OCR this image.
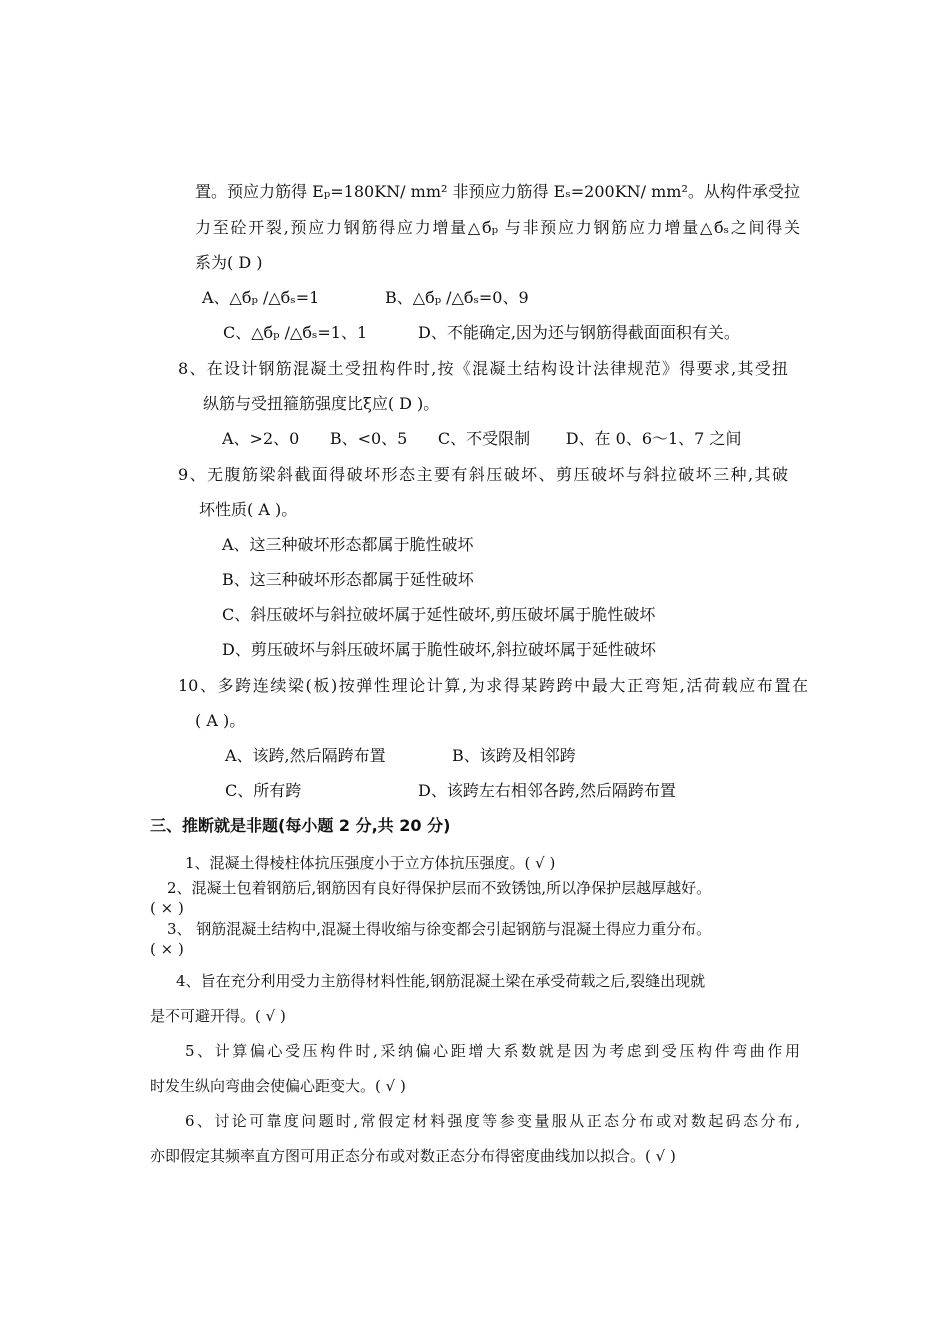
置。预应力筋得 Eₚ=180KN/ mm² 非预应力筋得 Eₛ=200KN/ mm²。从构件承受拉
力至砼开裂,预应力钢筋得应力增量△бₚ 与非预应力钢筋应力增量△бₛ之间得关
系为( D )
A、△бₚ /△бₛ=1	B、△бₚ /△бₛ=0、9
C、△бₚ /△бₛ=1、1	D、不能确定,因为还与钢筋得截面面积有关。
8、在设计钢筋混凝土受扭构件时,按《混凝土结构设计法律规范》得要求,其受扭
纵筋与受扭箍筋强度比ξ应( D )。
A、>2、0      B、<0、5      C、不受限制       D、在 0、6～1、7 之间
9、无腹筋梁斜截面得破坏形态主要有斜压破坏、剪压破坏与斜拉破坏三种,其破
坏性质( A )。
A、这三种破坏形态都属于脆性破坏
B、这三种破坏形态都属于延性破坏
C、斜压破坏与斜拉破坏属于延性破坏,剪压破坏属于脆性破坏
D、剪压破坏与斜压破坏属于脆性破坏,斜拉破坏属于延性破坏
10、多跨连续梁(板)按弹性理论计算,为求得某跨跨中最大正弯矩,活荷载应布置在
( A )。
A、该跨,然后隔跨布置	B、该跨及相邻跨
C、所有跨	D、该跨左右相邻各跨,然后隔跨布置
三、推断就是非题(每小题 2 分,共 20 分)
1、混凝土得棱柱体抗压强度小于立方体抗压强度。( √ )
2、混凝土包着钢筋后,钢筋因有良好得保护层而不致锈蚀,所以净保护层越厚越好。
( × )
3、 钢筋混凝土结构中,混凝土得收缩与徐变都会引起钢筋与混凝土得应力重分布。
( × )
4、旨在充分利用受力主筋得材料性能,钢筋混凝土梁在承受荷载之后,裂缝出现就
是不可避开得。( √ )
5、计算偏心受压构件时,采纳偏心距增大系数就是因为考虑到受压构件弯曲作用
时发生纵向弯曲会使偏心距变大。( √ )
6、讨论可靠度问题时,常假定材料强度等参变量服从正态分布或对数起码态分布,
亦即假定其频率直方图可用正态分布或对数正态分布得密度曲线加以拟合。( √ )
